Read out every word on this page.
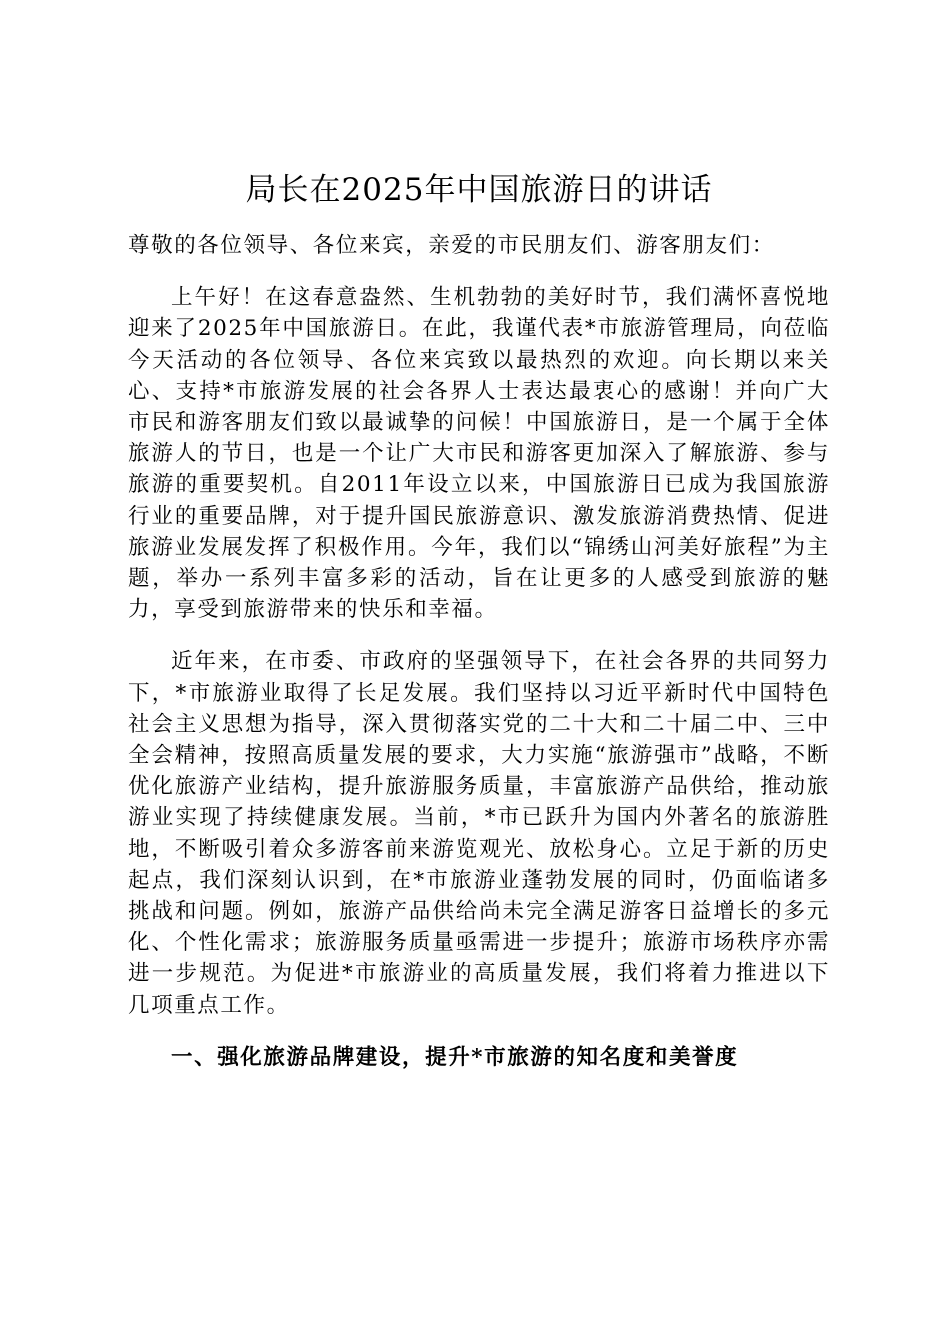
局长在2025年中国旅游日的讲话

尊敬的各位领导、各位来宾，亲爱的市民朋友们、游客朋友们：

上午好！在这春意盎然、生机勃勃的美好时节，我们满怀喜悦地迎来了2025年中国旅游日。在此，我谨代表*市旅游管理局，向莅临今天活动的各位领导、各位来宾致以最热烈的欢迎。向长期以来关心、支持*市旅游发展的社会各界人士表达最衷心的感谢！并向广大市民和游客朋友们致以最诚挚的问候！中国旅游日，是一个属于全体旅游人的节日，也是一个让广大市民和游客更加深入了解旅游、参与旅游的重要契机。自2011年设立以来，中国旅游日已成为我国旅游行业的重要品牌，对于提升国民旅游意识、激发旅游消费热情、促进旅游业发展发挥了积极作用。今年，我们以“锦绣山河美好旅程”为主题，举办一系列丰富多彩的活动，旨在让更多的人感受到旅游的魅力，享受到旅游带来的快乐和幸福。

近年来，在市委、市政府的坚强领导下，在社会各界的共同努力下，*市旅游业取得了长足发展。我们坚持以习近平新时代中国特色社会主义思想为指导，深入贯彻落实党的二十大和二十届二中、三中全会精神，按照高质量发展的要求，大力实施“旅游强市”战略，不断优化旅游产业结构，提升旅游服务质量，丰富旅游产品供给，推动旅游业实现了持续健康发展。当前，*市已跃升为国内外著名的旅游胜地，不断吸引着众多游客前来游览观光、放松身心。立足于新的历史起点，我们深刻认识到，在*市旅游业蓬勃发展的同时，仍面临诸多挑战和问题。例如，旅游产品供给尚未完全满足游客日益增长的多元化、个性化需求；旅游服务质量亟需进一步提升；旅游市场秩序亦需进一步规范。为促进*市旅游业的高质量发展，我们将着力推进以下几项重点工作。

一、强化旅游品牌建设，提升*市旅游的知名度和美誉度
